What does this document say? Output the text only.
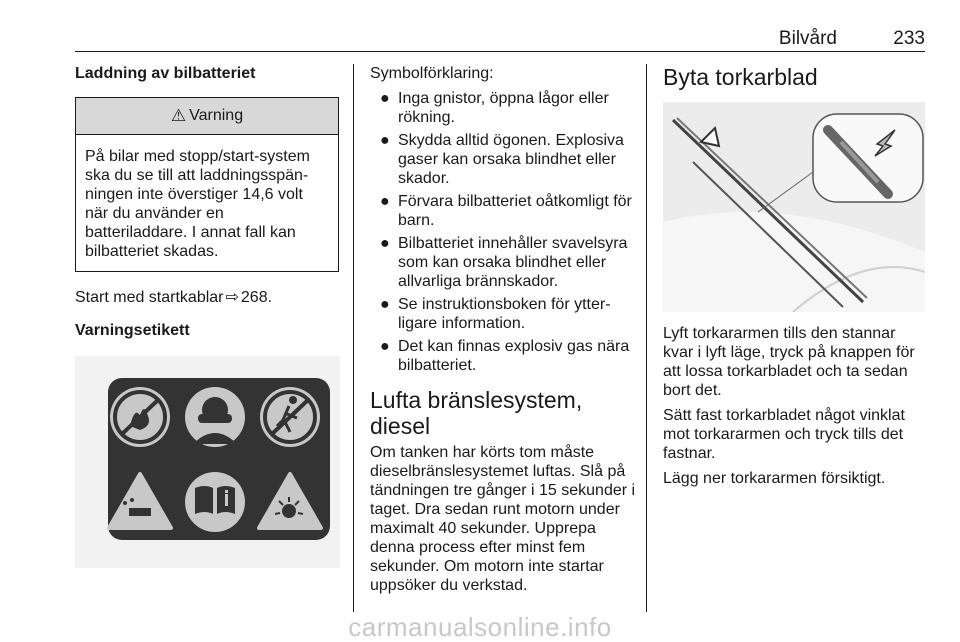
Bilvård	233
Laddning av bilbatteriet
⚠ Varning
På bilar med stopp/start-system ska du se till att laddningsspänningen inte överstiger 14,6 volt när du använder en batteriladdare. I annat fall kan bilbatteriet skadas.

Start med startkablar ⇨ 268.

Varningsetikett

Symbolförklaring:

● Inga gnistor, öppna lågor eller rökning.
● Skydda alltid ögonen. Explosiva gaser kan orsaka blindhet eller skador.
● Förvara bilbatteriet oåtkomligt för barn.
● Bilbatteriet innehåller svavelsyra som kan orsaka blindhet eller allvarliga brännskador.
● Se instruktionsboken för ytterligare information.
● Det kan finnas explosiv gas nära bilbatteriet.
Lufta bränslesystem, diesel

Om tanken har körts tom måste dieselbränslesystemet luftas. Slå på tändningen tre gånger i 15 sekunder i taget. Dra sedan runt motorn under maximalt 40 sekunder. Upprepa denna process efter minst fem sekunder. Om motorn inte startar uppsöker du verkstad.

Byta torkarblad

Lyft torkararmen tills den stannar kvar i lyft läge, tryck på knappen för att lossa torkarbladet och ta sedan bort det.

Sätt fast torkarbladet något vinklat mot torkararmen och tryck tills det fastnar.

Lägg ner torkararmen försiktigt.

carmanualsonline.info
